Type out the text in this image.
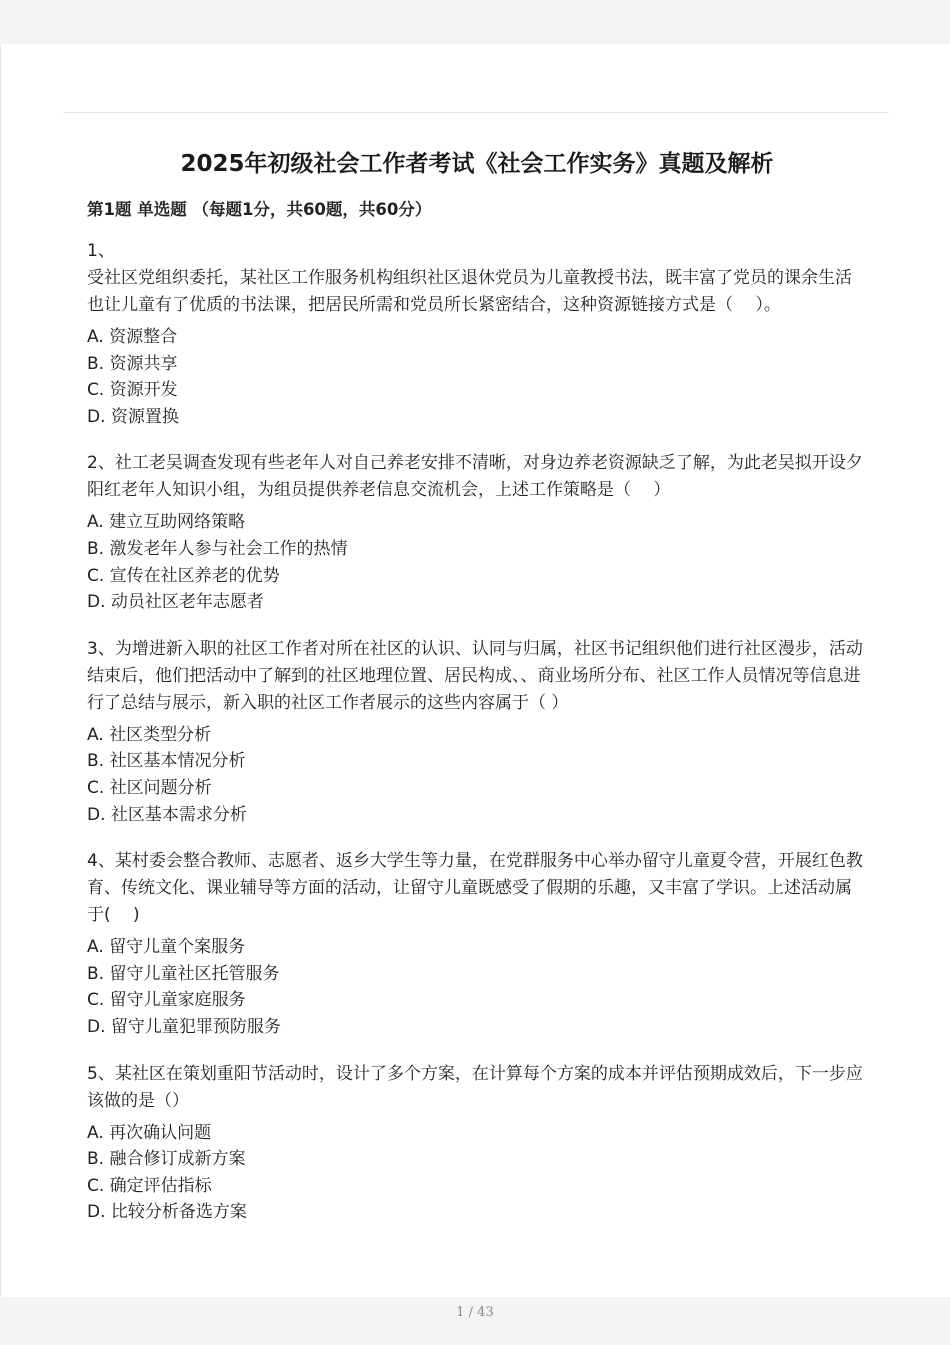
2025年初级社会工作者考试《社会工作实务》真题及解析
第1题 单选题 （每题1分，共60题，共60分）
1、

受社区党组织委托，某社区工作服务机构组织社区退休党员为儿童教授书法，既丰富了党员的课余生活也让儿童有了优质的书法课，把居民所需和党员所长紧密结合，这种资源链接方式是（　 ）。

A. 资源整合
B. 资源共享
C. 资源开发
D. 资源置换

2、社工老吴调查发现有些老年人对自己养老安排不清晰，对身边养老资源缺乏了解，为此老吴拟开设夕阳红老年人知识小组，为组员提供养老信息交流机会，上述工作策略是（　 ）

A. 建立互助网络策略
B. 激发老年人参与社会工作的热情
C. 宣传在社区养老的优势
D. 动员社区老年志愿者

3、为增进新入职的社区工作者对所在社区的认识、认同与归属，社区书记组织他们进行社区漫步，活动结束后，他们把活动中了解到的社区地理位置、居民构成、、商业场所分布、社区工作人员情况等信息进行了总结与展示，新入职的社区工作者展示的这些内容属于（ ）

A. 社区类型分析
B. 社区基本情况分析
C. 社区问题分析
D. 社区基本需求分析

4、某村委会整合教师、志愿者、返乡大学生等力量，在党群服务中心举办留守儿童夏令营，开展红色教育、传统文化、课业辅导等方面的活动，让留守儿童既感受了假期的乐趣，又丰富了学识。上述活动属于(　 )

A. 留守儿童个案服务
B. 留守儿童社区托管服务
C. 留守儿童家庭服务
D. 留守儿童犯罪预防服务

5、某社区在策划重阳节活动时，设计了多个方案，在计算每个方案的成本并评估预期成效后，下一步应该做的是（）

A. 再次确认问题
B. 融合修订成新方案
C. 确定评估指标
D. 比较分析备选方案
1 / 43
